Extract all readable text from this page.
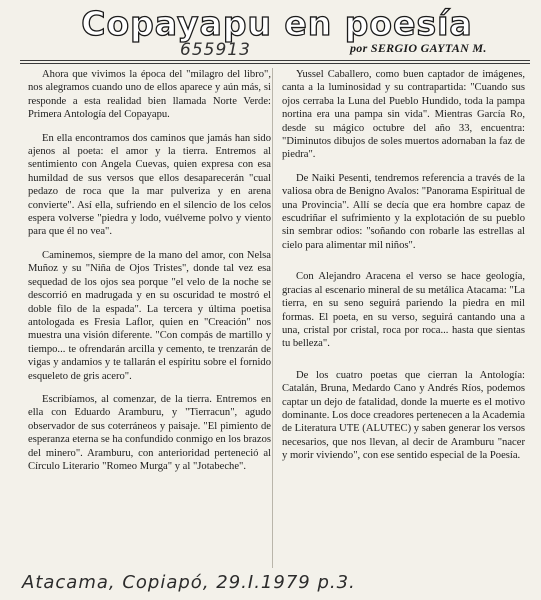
Copayapu en poesía
655913	por SERGIO GAYTAN M.

Ahora que vivimos la época del "milagro del libro", nos alegramos cuando uno de ellos aparece y aún más, si responde a esta realidad bien llamada Norte Verde: Primera Antología del Copayapu.

En ella encontramos dos caminos que jamás han sido ajenos al poeta: el amor y la tierra. Entremos al sentimiento con Angela Cuevas, quien expresa con esa humildad de sus versos que ellos desaparecerán "cual pedazo de roca que la mar pulveriza y en arena convierte". Así ella, sufriendo en el silencio de los celos espera volverse "piedra y lodo, vuélveme polvo y viento para que él no vea".

Caminemos, siempre de la mano del amor, con Nelsa Muñoz y su "Niña de Ojos Tristes", donde tal vez esa sequedad de los ojos sea porque "el velo de la noche se descorrió en madrugada y en su oscuridad te mostró el doble filo de la espada". La tercera y última poetisa antologada es Fresia Laflor, quien en "Creación" nos muestra una visión diferente. "Con compás de martillo y tiempo... te ofrendarán arcilla y cemento, te trenzarán de vigas y andamios y te tallarán el espíritu sobre el fornido esqueleto de gris acero".

Escribíamos, al comenzar, de la tierra. Entremos en ella con Eduardo Aramburu, y "Tierracun", agudo observador de sus coterráneos y paisaje. "El pimiento de esperanza eterna se ha confundido conmigo en los brazos del minero". Aramburu, con anterioridad perteneció al Círculo Literario "Romeo Murga" y al "Jotabeche".

Yussel Caballero, como buen captador de imágenes, canta a la luminosidad y su contrapartida: "Cuando sus ojos cerraba la Luna del Pueblo Hundido, toda la pampa nortina era una pampa sin vida". Mientras García Ro, desde su mágico octubre del año 33, encuentra: "Diminutos dibujos de soles muertos adornaban la faz de piedra".

De Naiki Pesenti, tendremos referencia a través de la valiosa obra de Benigno Avalos: "Panorama Espiritual de una Provincia". Allí se decía que era hombre capaz de escudriñar el sufrimiento y la explotación de su pueblo sin sembrar odios: "soñando con robarle las estrellas al cielo para alimentar mil niños".

Con Alejandro Aracena el verso se hace geología, gracias al escenario mineral de su metálica Atacama: "La tierra, en su seno seguirá pariendo la piedra en mil formas. El poeta, en su verso, seguirá cantando una a una, cristal por cristal, roca por roca... hasta que sientas tu belleza".

De los cuatro poetas que cierran la Antología: Catalán, Bruna, Medardo Cano y Andrés Ríos, podemos captar un dejo de fatalidad, donde la muerte es el motivo dominante. Los doce creadores pertenecen a la Academia de Literatura UTE (ALUTEC) y saben generar los versos necesarios, que nos llevan, al decir de Aramburu "nacer y morir viviendo", con ese sentido especial de la Poesía.

Atacama, Copiapó, 29.I.1979 p.3.
